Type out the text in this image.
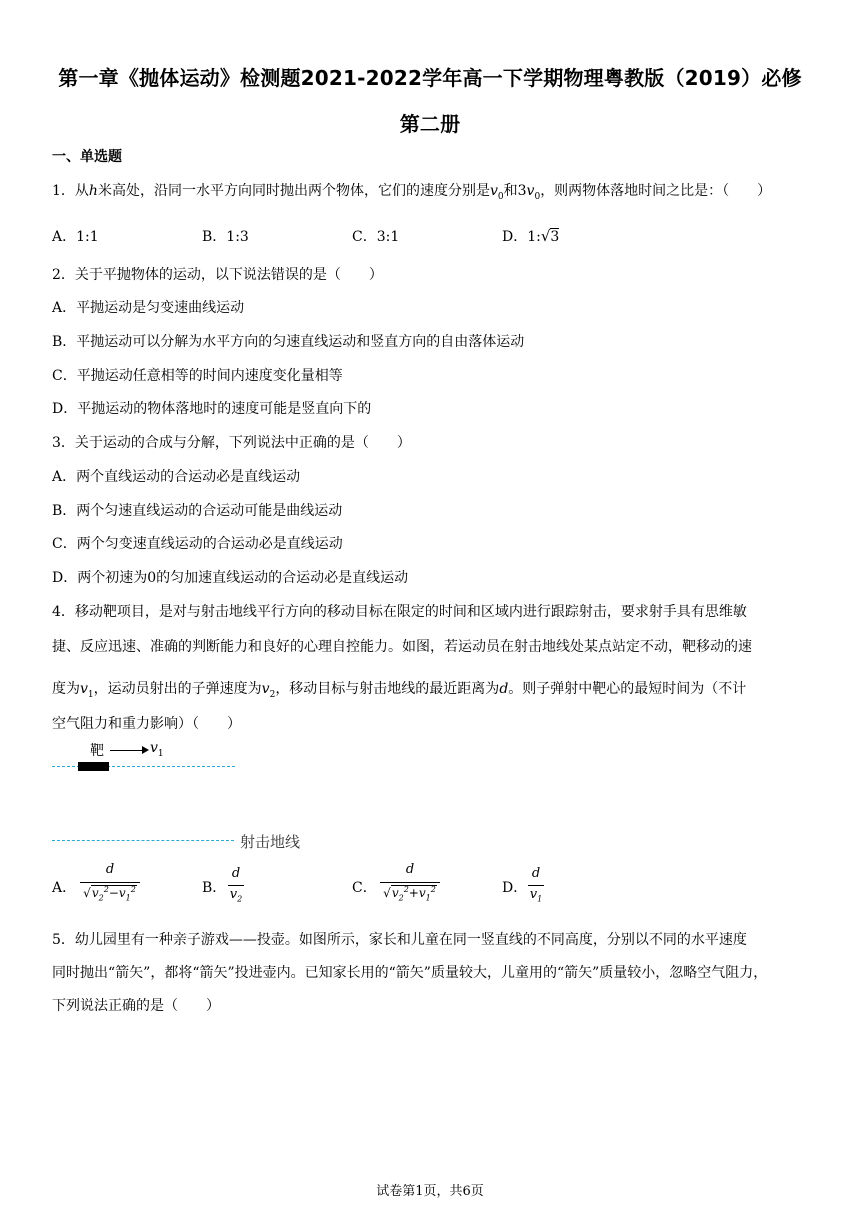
第一章《抛体运动》检测题2021-2022学年高一下学期物理粤教版（2019）必修
第二册
一、单选题
1．从h米高处，沿同一水平方向同时抛出两个物体，它们的速度分别是$v_0$和$3v_0$，则两物体落地时间之比是：（　　）
A．1:1	B．1:3	C．3:1	D．1:√3
2．关于平抛物体的运动，以下说法错误的是（　　）
A．平抛运动是匀变速曲线运动
B．平抛运动可以分解为水平方向的匀速直线运动和竖直方向的自由落体运动
C．平抛运动任意相等的时间内速度变化量相等
D．平抛运动的物体落地时的速度可能是竖直向下的
3．关于运动的合成与分解，下列说法中正确的是（　　）
A．两个直线运动的合运动必是直线运动
B．两个匀速直线运动的合运动可能是曲线运动
C．两个匀变速直线运动的合运动必是直线运动
D．两个初速为0的匀加速直线运动的合运动必是直线运动
4．移动靶项目，是对与射击地线平行方向的移动目标在限定的时间和区域内进行跟踪射击，要求射手具有思维敏
捷、反应迅速、准确的判断能力和良好的心理自控能力。如图，若运动员在射击地线处某点站定不动，靶移动的速
度为$v_1$，运动员射出的子弹速度为$v_2$，移动目标与射击地线的最近距离为d。则子弹射中靶心的最短时间为（不计
空气阻力和重力影响）（　　）
靶	$v_1$
射击地线
A．
d
$√v_2^2-v_1^2$	B．
d
$v_2$
C．
d
$√v_2^2+v_1^2$	D．
d
$v_1$
5．幼儿园里有一种亲子游戏——投壶。如图所示，家长和儿童在同一竖直线的不同高度，分别以不同的水平速度
同时抛出“箭矢”，都将“箭矢”投进壶内。已知家长用的“箭矢”质量较大，儿童用的“箭矢”质量较小，忽略空气阻力，
下列说法正确的是（　　）
试卷第1页，共6页
